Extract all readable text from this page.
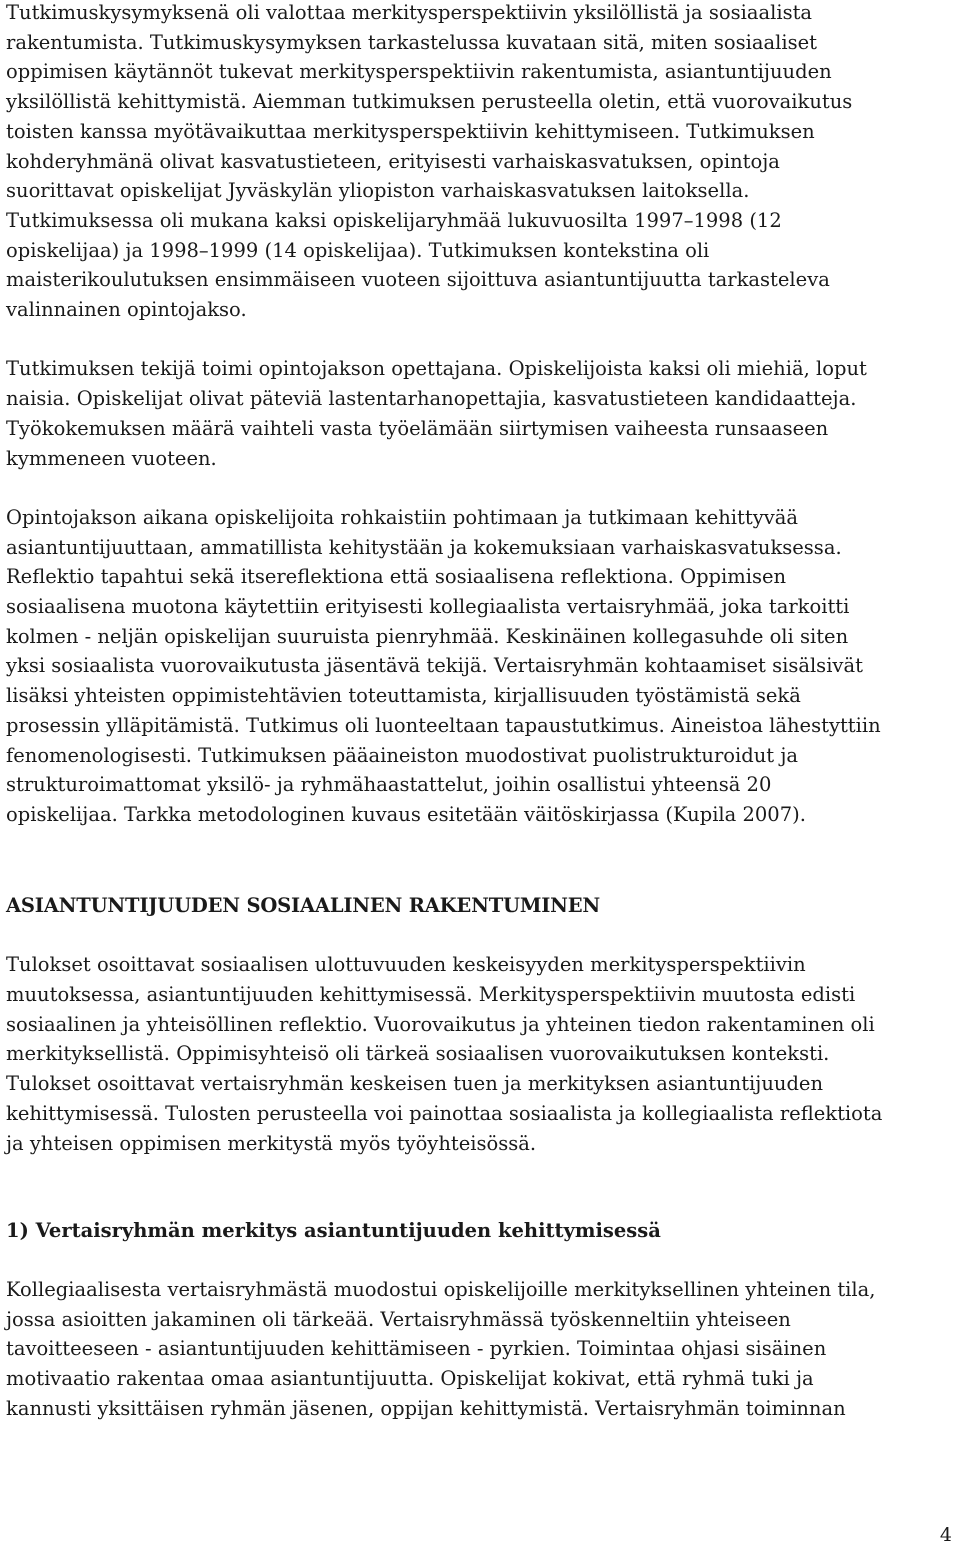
Tutkimuskysymyksenä oli valottaa merkitysperspektiivin yksilöllistä ja sosiaalista
rakentumista. Tutkimuskysymyksen tarkastelussa kuvataan sitä, miten sosiaaliset
oppimisen käytännöt tukevat merkitysperspektiivin rakentumista, asiantuntijuuden
yksilöllistä kehittymistä. Aiemman tutkimuksen perusteella oletin, että vuorovaikutus
toisten kanssa myötävaikuttaa merkitysperspektiivin kehittymiseen. Tutkimuksen
kohderyhmänä olivat kasvatustieteen, erityisesti varhaiskasvatuksen, opintoja
suorittavat opiskelijat Jyväskylän yliopiston varhaiskasvatuksen laitoksella.
Tutkimuksessa oli mukana kaksi opiskelijaryhmää lukuvuosilta 1997–1998 (12
opiskelijaa) ja 1998–1999 (14 opiskelijaa). Tutkimuksen kontekstina oli
maisterikoulutuksen ensimmäiseen vuoteen sijoittuva asiantuntijuutta tarkasteleva
valinnainen opintojakso.

Tutkimuksen tekijä toimi opintojakson opettajana. Opiskelijoista kaksi oli miehiä, loput
naisia. Opiskelijat olivat päteviä lastentarhanopettajia, kasvatustieteen kandidaatteja.
Työkokemuksen määrä vaihteli vasta työelämään siirtymisen vaiheesta runsaaseen
kymmeneen vuoteen.

Opintojakson aikana opiskelijoita rohkaistiin pohtimaan ja tutkimaan kehittyvää
asiantuntijuuttaan, ammatillista kehitystään ja kokemuksiaan varhaiskasvatuksessa.
Reflektio tapahtui sekä itsereflektiona että sosiaalisena reflektiona. Oppimisen
sosiaalisena muotona käytettiin erityisesti kollegiaalista vertaisryhmää, joka tarkoitti
kolmen - neljän opiskelijan suuruista pienryhmää. Keskinäinen kollegasuhde oli siten
yksi sosiaalista vuorovaikutusta jäsentävä tekijä. Vertaisryhmän kohtaamiset sisälsivät
lisäksi yhteisten oppimistehtävien toteuttamista, kirjallisuuden työstämistä sekä
prosessin ylläpitämistä. Tutkimus oli luonteeltaan tapaustutkimus. Aineistoa lähestyttiin
fenomenologisesti. Tutkimuksen pääaineiston muodostivat puolistrukturoidut ja
strukturoimattomat yksilö- ja ryhmähaastattelut, joihin osallistui yhteensä 20
opiskelijaa. Tarkka metodologinen kuvaus esitetään väitöskirjassa (Kupila 2007).

ASIANTUNTIJUUDEN SOSIAALINEN RAKENTUMINEN

Tulokset osoittavat sosiaalisen ulottuvuuden keskeisyyden merkitysperspektiivin
muutoksessa, asiantuntijuuden kehittymisessä. Merkitysperspektiivin muutosta edisti
sosiaalinen ja yhteisöllinen reflektio. Vuorovaikutus ja yhteinen tiedon rakentaminen oli
merkityksellistä. Oppimisyhteisö oli tärkeä sosiaalisen vuorovaikutuksen konteksti.
Tulokset osoittavat vertaisryhmän keskeisen tuen ja merkityksen asiantuntijuuden
kehittymisessä. Tulosten perusteella voi painottaa sosiaalista ja kollegiaalista reflektiota
ja yhteisen oppimisen merkitystä myös työyhteisössä.

1) Vertaisryhmän merkitys asiantuntijuuden kehittymisessä

Kollegiaalisesta vertaisryhmästä muodostui opiskelijoille merkityksellinen yhteinen tila,
jossa asioitten jakaminen oli tärkeää. Vertaisryhmässä työskenneltiin yhteiseen
tavoitteeseen - asiantuntijuuden kehittämiseen - pyrkien. Toimintaa ohjasi sisäinen
motivaatio rakentaa omaa asiantuntijuutta. Opiskelijat kokivat, että ryhmä tuki ja
kannusti yksittäisen ryhmän jäsenen, oppijan kehittymistä. Vertaisryhmän toiminnan

4
